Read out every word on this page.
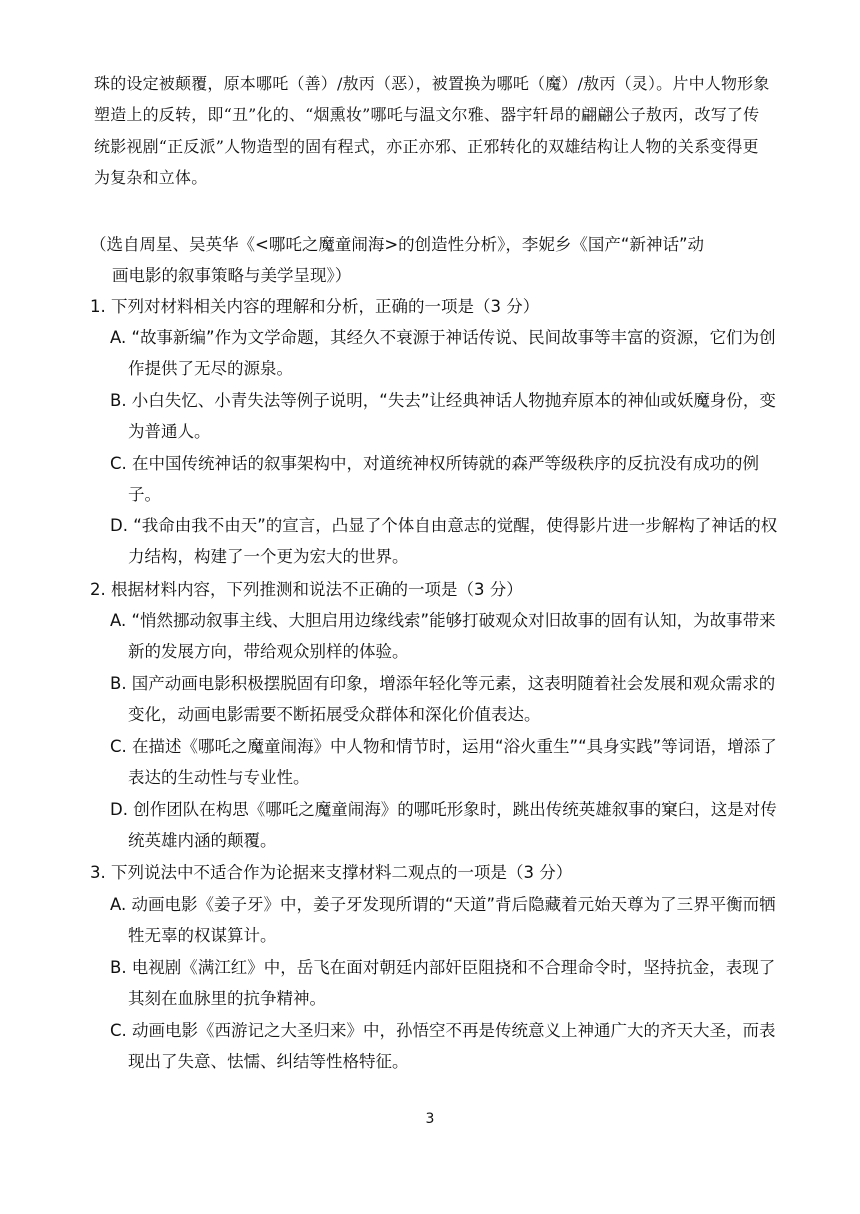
珠的设定被颠覆，原本哪吒（善）/敖丙（恶），被置换为哪吒（魔）/敖丙（灵）。片中人物形象塑造上的反转，即“丑”化的、“烟熏妆”哪吒与温文尔雅、器宇轩昂的翩翩公子敖丙，改写了传统影视剧“正反派”人物造型的固有程式，亦正亦邪、正邪转化的双雄结构让人物的关系变得更为复杂和立体。

（选自周星、吴英华《<哪吒之魔童闹海>的创造性分析》，李妮乡《国产“新神话”动
画电影的叙事策略与美学呈现》）
1. 下列对材料相关内容的理解和分析，正确的一项是（3 分）
A. “故事新编”作为文学命题，其经久不衰源于神话传说、民间故事等丰富的资源，它们为创作提供了无尽的源泉。
B. 小白失忆、小青失法等例子说明，“失去”让经典神话人物抛弃原本的神仙或妖魔身份，变为普通人。
C. 在中国传统神话的叙事架构中，对道统神权所铸就的森严等级秩序的反抗没有成功的例子。
D. “我命由我不由天”的宣言，凸显了个体自由意志的觉醒，使得影片进一步解构了神话的权力结构，构建了一个更为宏大的世界。
2. 根据材料内容，下列推测和说法不正确的一项是（3 分）
A. “悄然挪动叙事主线、大胆启用边缘线索”能够打破观众对旧故事的固有认知，为故事带来新的发展方向，带给观众别样的体验。
B. 国产动画电影积极摆脱固有印象，增添年轻化等元素，这表明随着社会发展和观众需求的变化，动画电影需要不断拓展受众群体和深化价值表达。
C. 在描述《哪吒之魔童闹海》中人物和情节时，运用“浴火重生”“具身实践”等词语，增添了表达的生动性与专业性。
D. 创作团队在构思《哪吒之魔童闹海》的哪吒形象时，跳出传统英雄叙事的窠臼，这是对传统英雄内涵的颠覆。
3. 下列说法中不适合作为论据来支撑材料二观点的一项是（3 分）
A. 动画电影《姜子牙》中，姜子牙发现所谓的“天道”背后隐藏着元始天尊为了三界平衡而牺牲无辜的权谋算计。
B. 电视剧《满江红》中，岳飞在面对朝廷内部奸臣阻挠和不合理命令时，坚持抗金，表现了其刻在血脉里的抗争精神。
C. 动画电影《西游记之大圣归来》中，孙悟空不再是传统意义上神通广大的齐天大圣，而表现出了失意、怯懦、纠结等性格特征。
3
